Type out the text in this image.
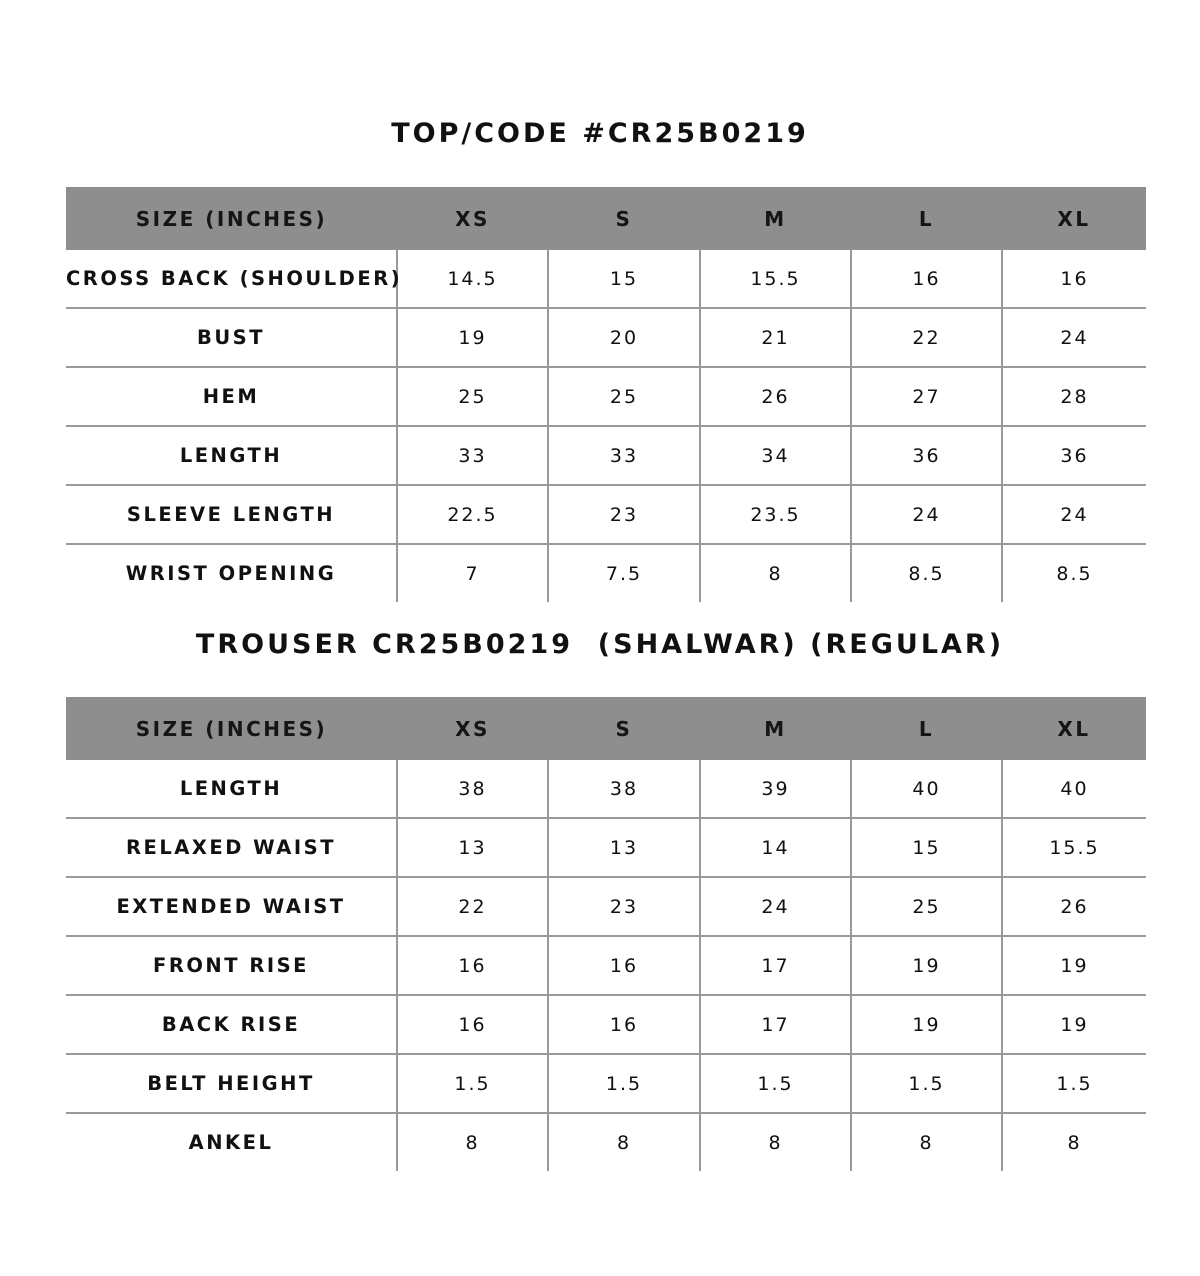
TOP/CODE #CR25B0219
SIZE (INCHES)	XS	S	M	L	XL
CROSS BACK (SHOULDER)	14.5	15	15.5	16	16
BUST	19	20	21	22	24
HEM	25	25	26	27	28
LENGTH	33	33	34	36	36
SLEEVE LENGTH	22.5	23	23.5	24	24
WRIST OPENING	7	7.5	8	8.5	8.5
TROUSER CR25B0219  (SHALWAR) (REGULAR)
SIZE (INCHES)	XS	S	M	L	XL
LENGTH	38	38	39	40	40
RELAXED WAIST	13	13	14	15	15.5
EXTENDED WAIST	22	23	24	25	26
FRONT RISE	16	16	17	19	19
BACK RISE	16	16	17	19	19
BELT HEIGHT	1.5	1.5	1.5	1.5	1.5
ANKEL	8	8	8	8	8
